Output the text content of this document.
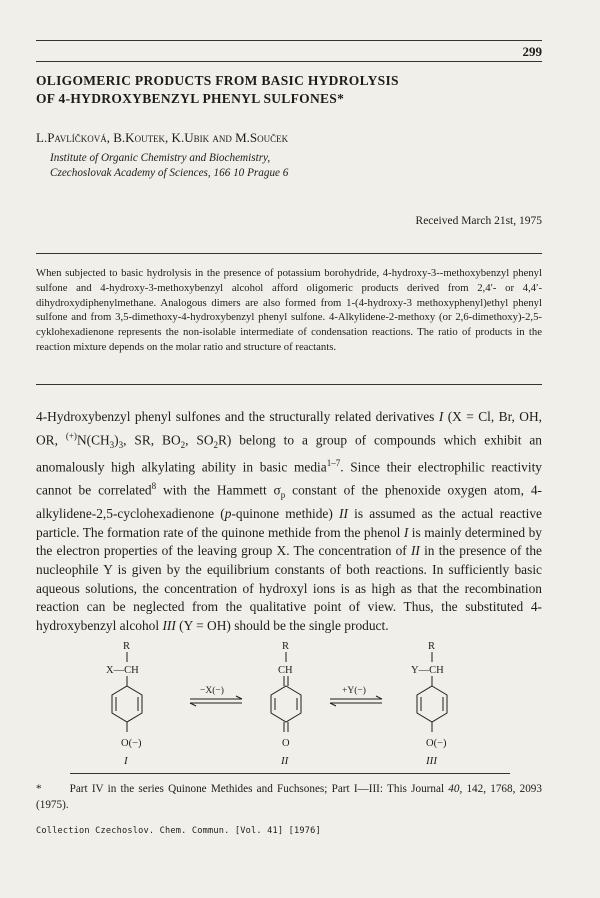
299
OLIGOMERIC PRODUCTS FROM BASIC HYDROLYSIS
OF 4-HYDROXYBENZYL PHENYL SULFONES*
L.Pavlíčková, B.Koutek, K.Ubik and M.Souček
Institute of Organic Chemistry and Biochemistry,
Czechoslovak Academy of Sciences, 166 10 Prague 6
Received March 21st, 1975
When subjected to basic hydrolysis in the presence of potassium borohydride, 4-hydroxy-3--methoxybenzyl phenyl sulfone and 4-hydroxy-3-methoxybenzyl alcohol afford oligomeric products derived from 2,4′- or 4,4′-dihydroxydiphenylmethane. Analogous dimers are also formed from 1-(4-hydroxy-3 methoxyphenyl)ethyl phenyl sulfone and from 3,5-dimethoxy-4-hydroxybenzyl phenyl sulfone. 4-Alkylidene-2-methoxy (or 2,6-dimethoxy)-2,5-cyklohexadienone represents the non-isolable intermediate of condensation reactions. The ratio of products in the reaction mixture depends on the molar ratio and structure of reactants.
4-Hydroxybenzyl phenyl sulfones and the structurally related derivatives I (X = Cl, Br, OH, OR, $^{(+)}N(CH_3)_3$, SR, $BO_2$, $SO_2R$) belong to a group of compounds which exhibit an anomalously high alkylating ability in basic media$^{1-7}$. Since their electrophilic reactivity cannot be correlated$^8$ with the Hammett $\sigma_p$ constant of the phenoxide oxygen atom, 4-alkylidene-2,5-cyclohexadienone (p-quinone methide) II is assumed as the actual reactive particle. The formation rate of the quinone methide from the phenol I is mainly determined by the electron properties of the leaving group X. The concentration of II in the presence of the nucleophile Y is given by the equilibrium constants of both reactions. In sufficiently basic aqueous solutions, the concentration of hydroxyl ions is as high as that the recombination reaction can be neglected from the qualitative point of view. Thus, the substituted 4-hydroxybenzyl alcohol III (Y = OH) should be the single product.
R
X—CH
O(−)
I
−X(−)
R
CH
O
II
+Y(−)
R
Y—CH
O(−)
III
*	Part IV in the series Quinone Methides and Fuchsones; Part I—III: This Journal 40, 142, 1768, 2093 (1975).
Collection Czechoslov. Chem. Commun. [Vol. 41] [1976]
